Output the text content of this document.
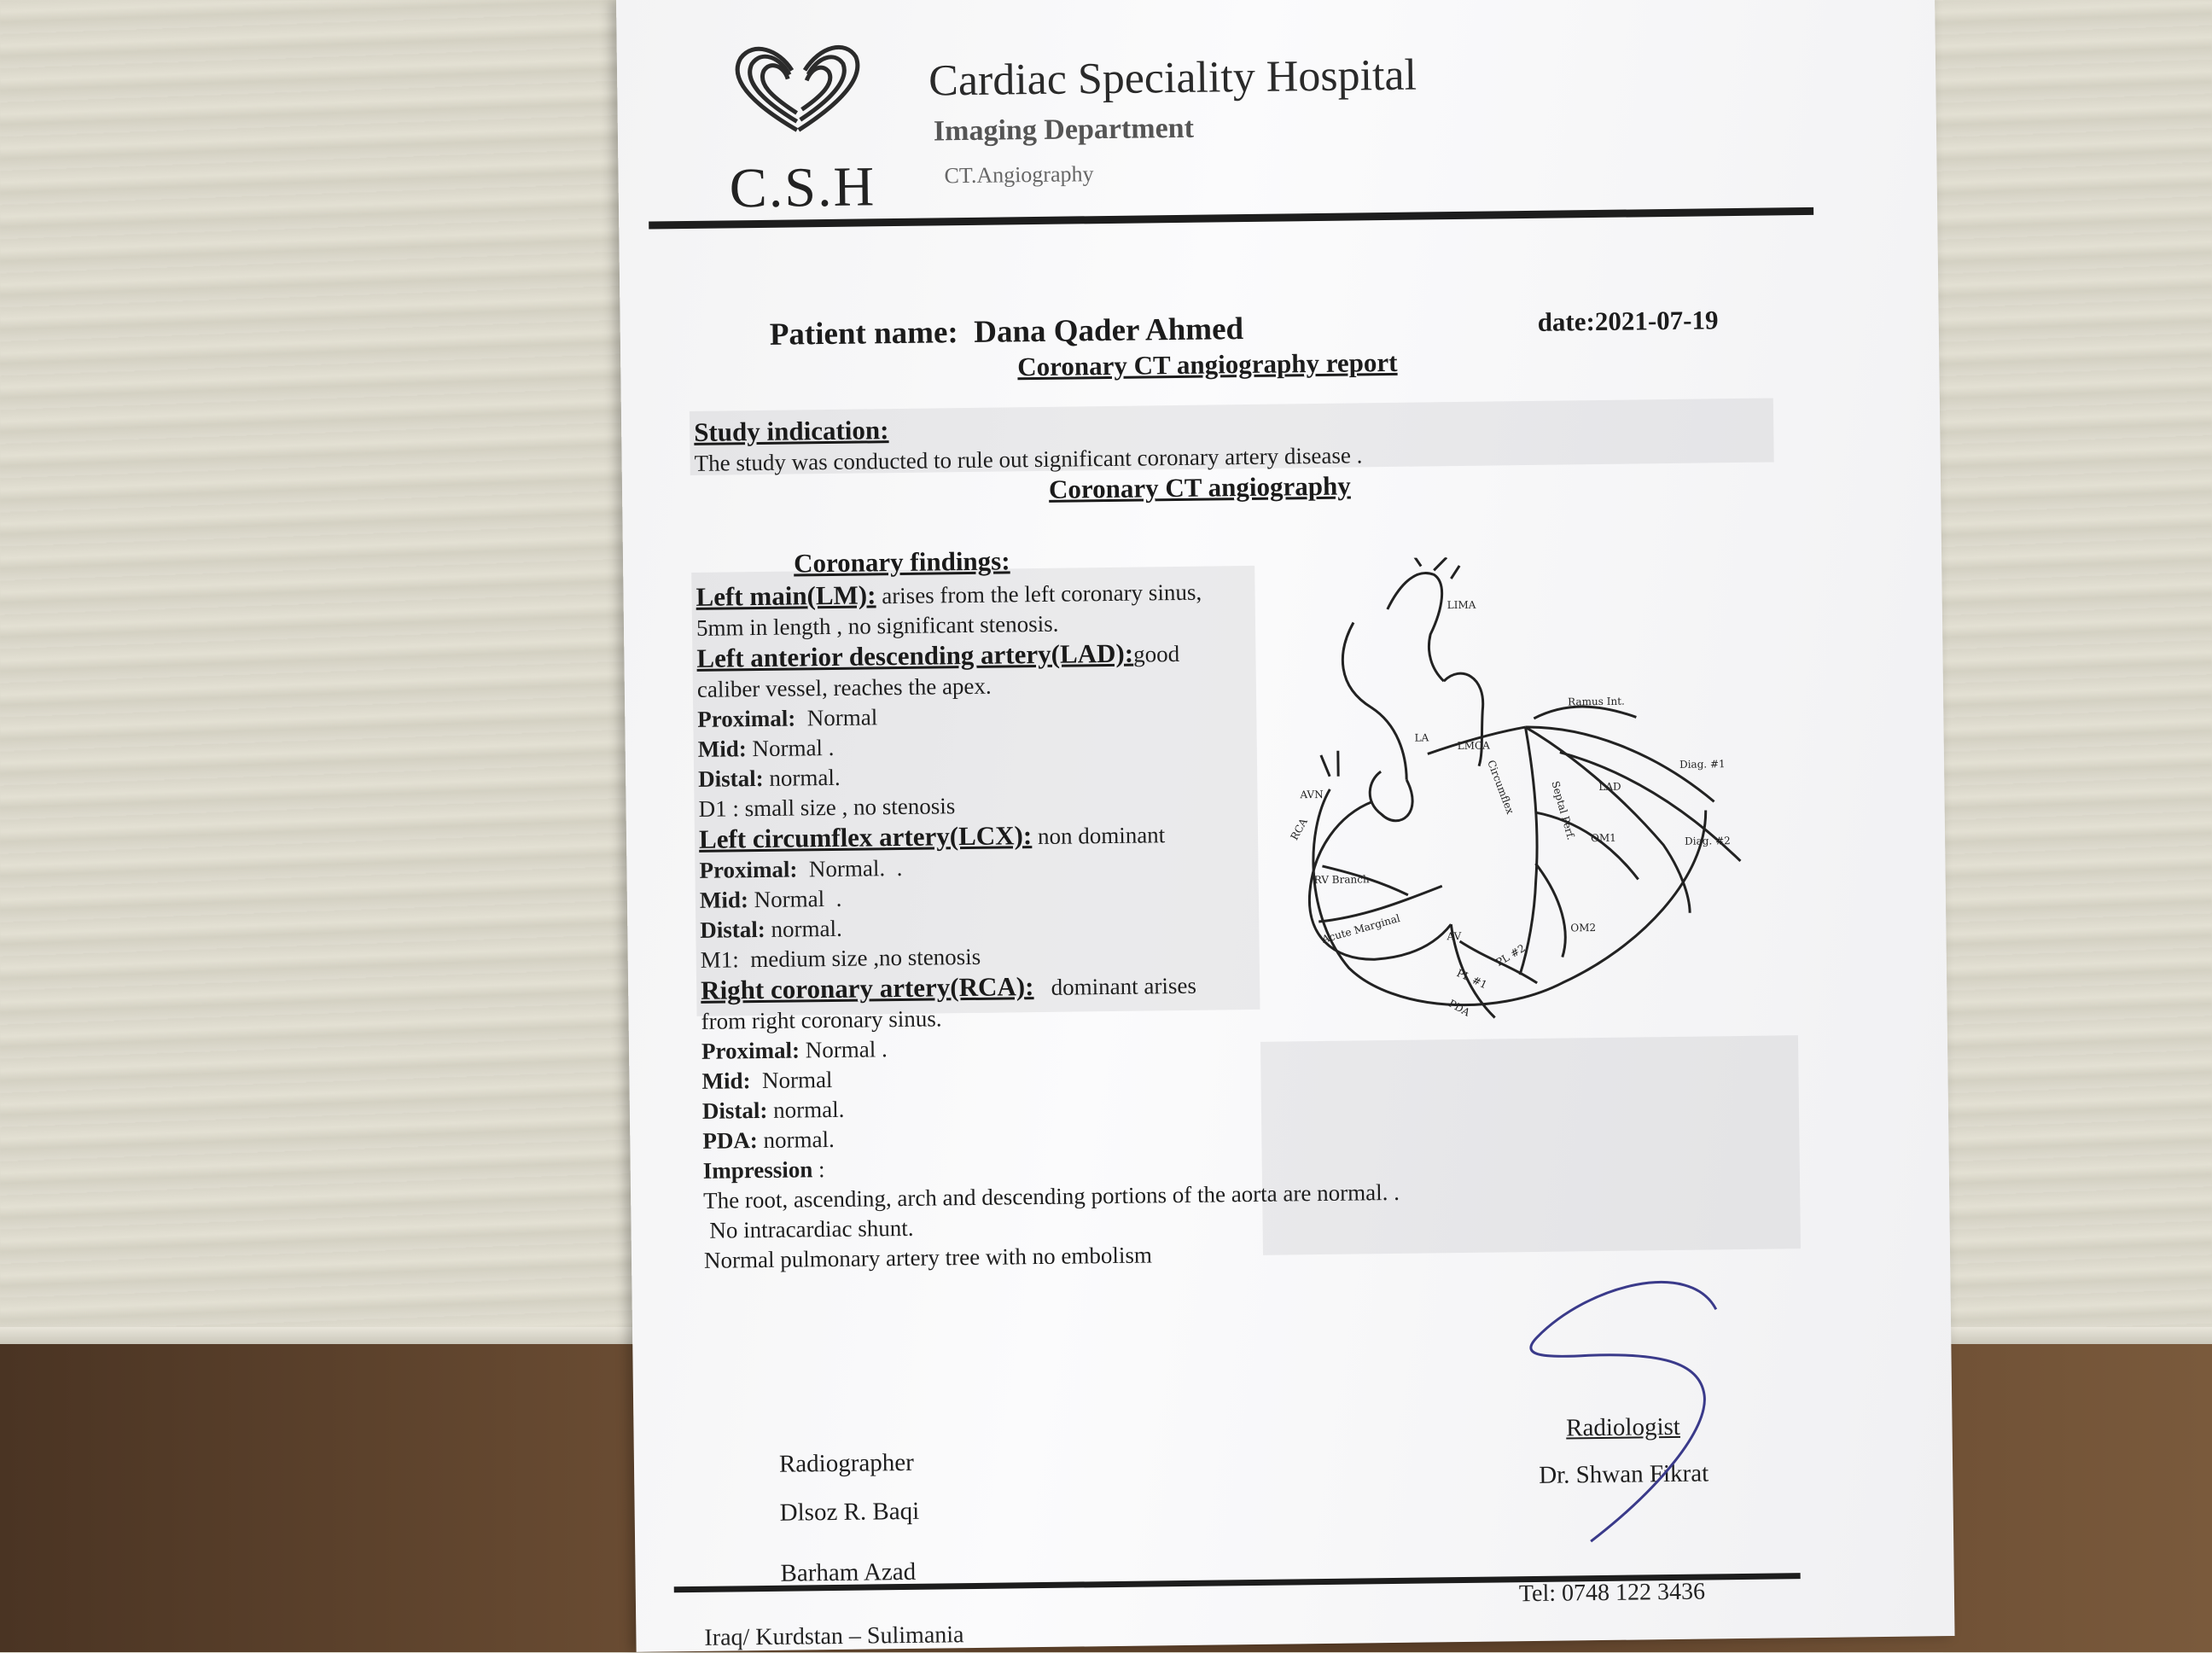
C.S.H
Cardiac Speciality Hospital
Imaging Department
CT.Angiography
Patient name: Dana Qader Ahmed	date:2021-07-19
Coronary CT angiography report
Study indication:
The study was conducted to rule out significant coronary artery disease .
Coronary CT angiography
Coronary findings:
Left main(LM): arises from the left coronary sinus,
5mm in length , no significant stenosis.
Left anterior descending artery(LAD):good
caliber vessel, reaches the apex.
Proximal:  Normal
Mid: Normal .
Distal: normal.
D1 : small size , no stenosis
Left circumflex artery(LCX): non dominant
Proximal:  Normal.  .
Mid: Normal  .
Distal: normal.
M1:  medium size ,no stenosis
Right coronary artery(RCA):   dominant arises
from right coronary sinus.
Proximal: Normal .
Mid:  Normal
Distal: normal.
PDA: normal.
Impression :
The root, ascending, arch and descending portions of the aorta are normal. .
No intracardiac shunt.
Normal pulmonary artery tree with no embolism
LIMA
Ramus Int.
Diag. #1
Diag. #2
LA
LMCA
Circumflex	Septal Perf. LAD
OM1
OM2
AVN
RCA
RV Branch
Acute Marginal	AV
PL #1
PL #2
PDA
Radiographer
Dlsoz R. Baqi
Barham Azad
Radiologist
Dr. Shwan Fikrat
Tel: 0748 122 3436
Iraq/ Kurdstan – Sulimania
